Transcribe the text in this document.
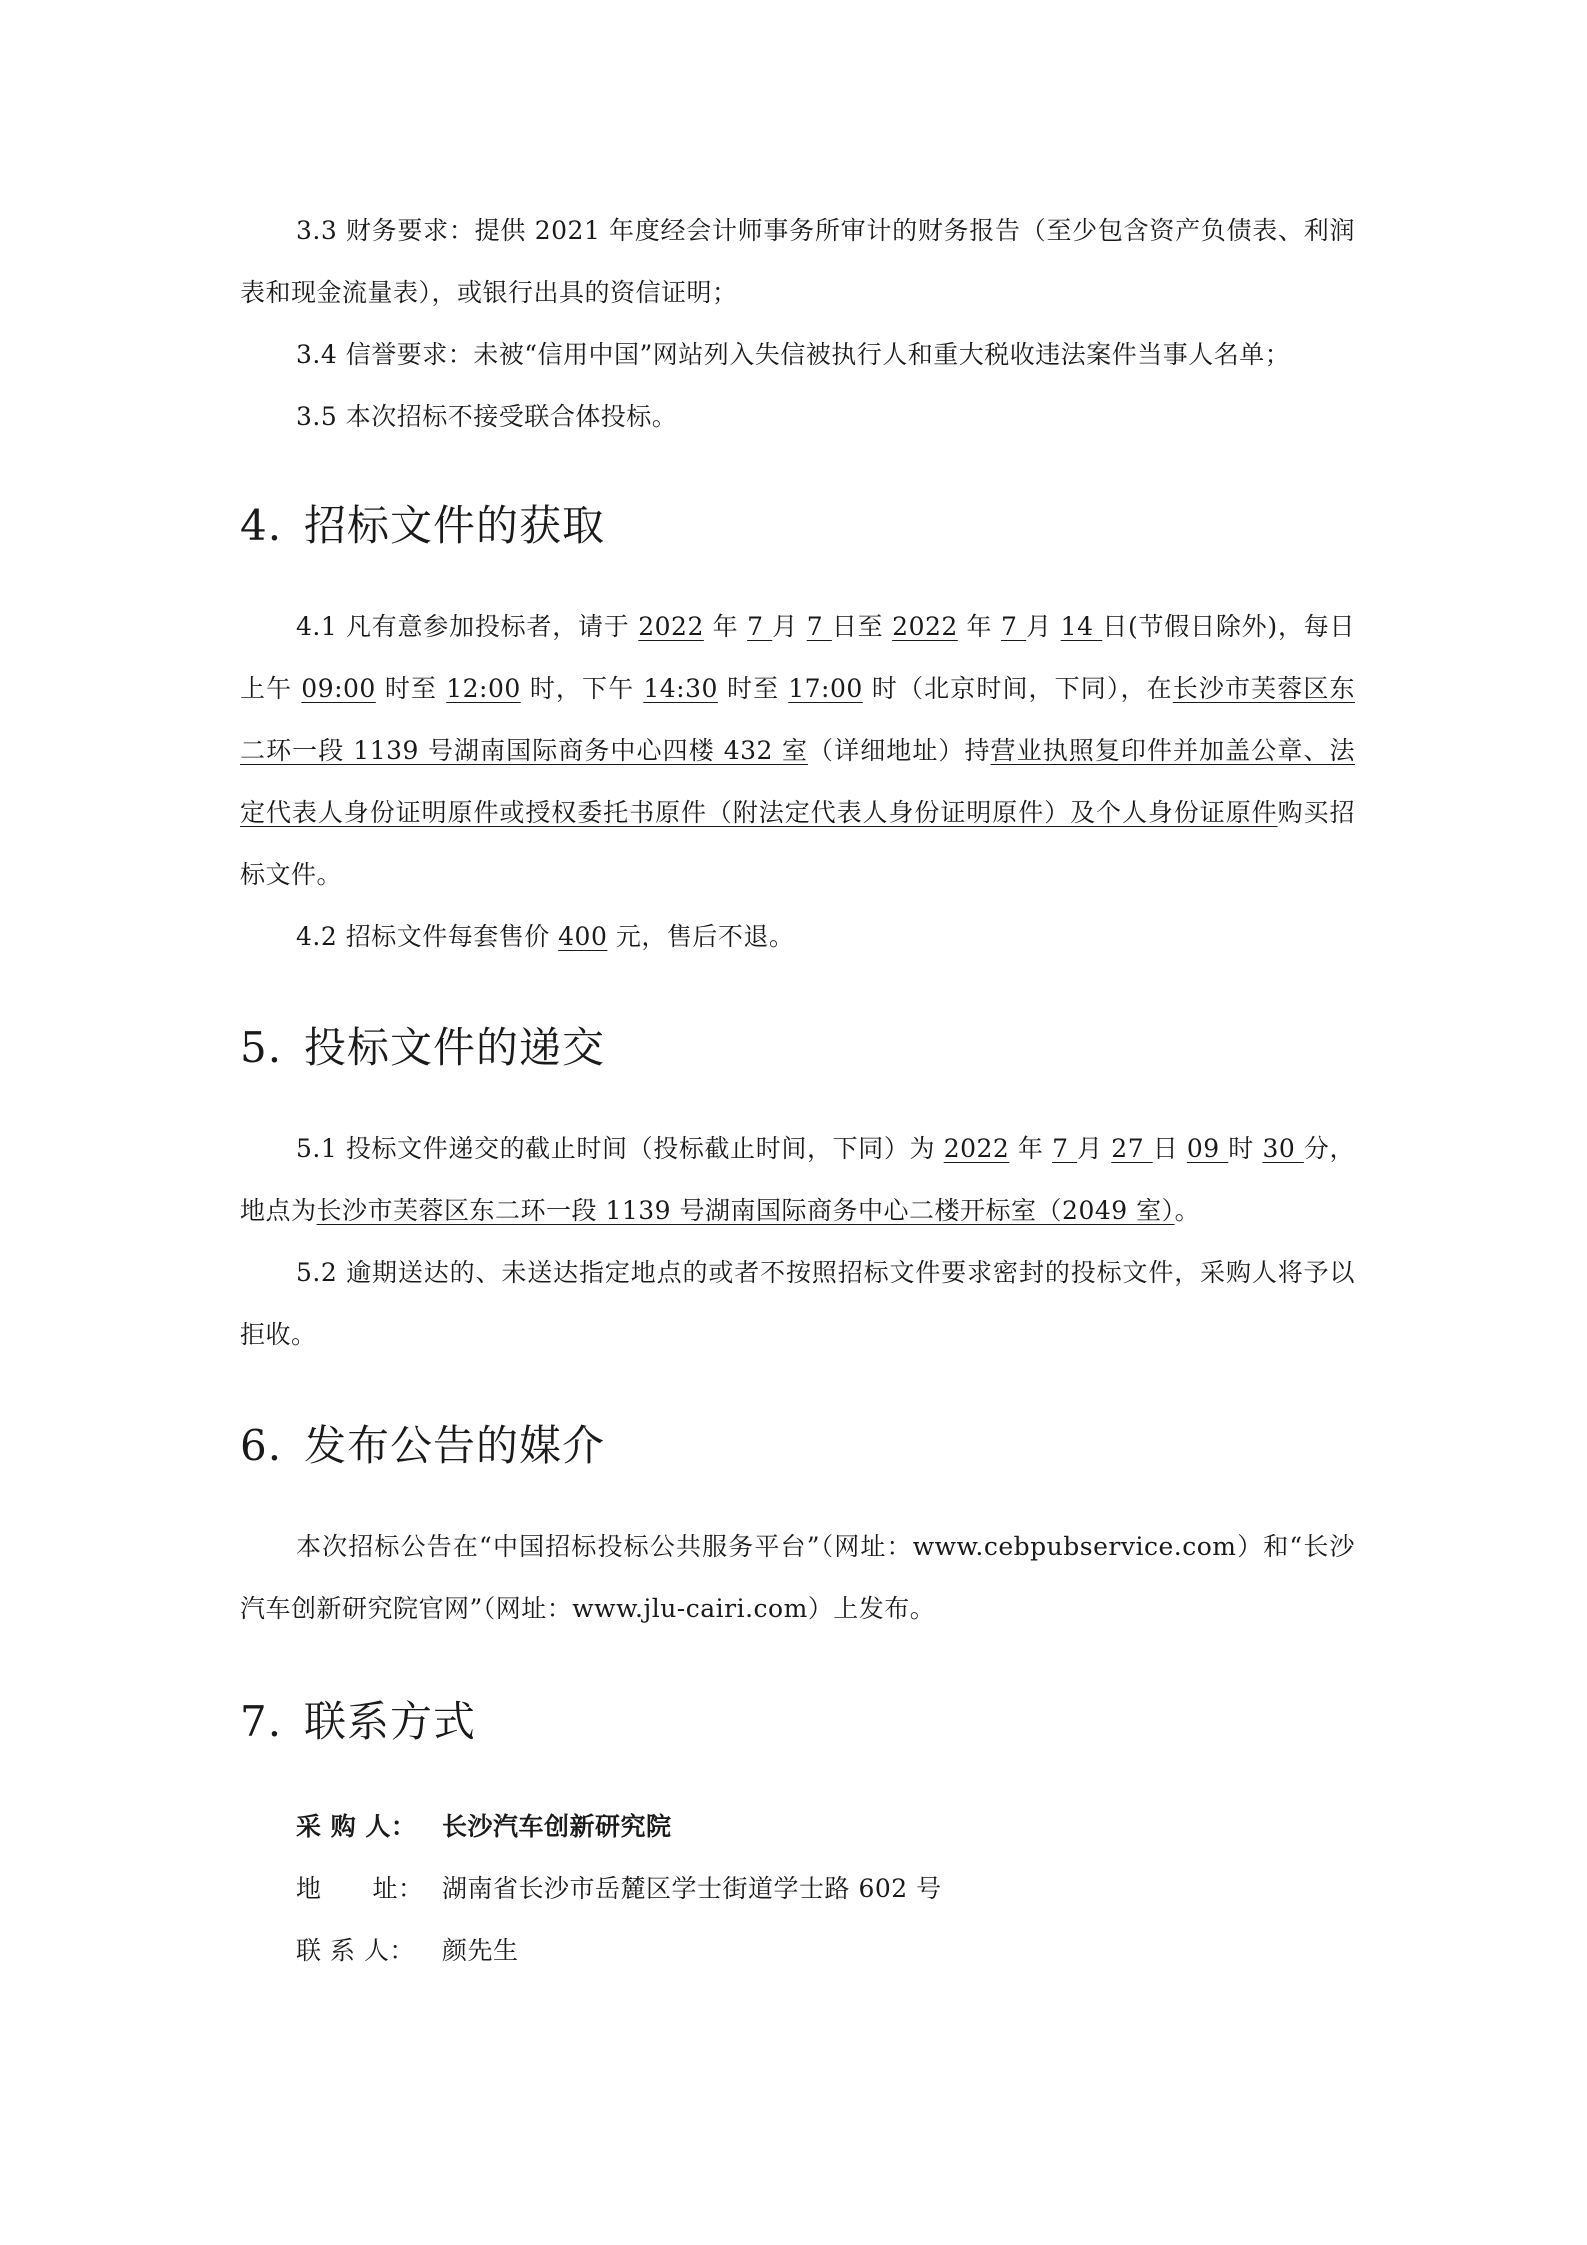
3.3 财务要求：提供 2021 年度经会计师事务所审计的财务报告（至少包含资产负债表、利润表和现金流量表），或银行出具的资信证明；

3.4 信誉要求：未被“信用中国”网站列入失信被执行人和重大税收违法案件当事人名单；

3.5 本次招标不接受联合体投标。

4. 招标文件的获取

4.1 凡有意参加投标者，请于 2022 年 7 月 7 日至 2022 年 7 月 14 日(节假日除外)，每日上午 09:00 时至 12:00 时，下午 14:30 时至 17:00 时（北京时间，下同），在长沙市芙蓉区东二环一段 1139 号湖南国际商务中心四楼 432 室（详细地址）持营业执照复印件并加盖公章、法定代表人身份证明原件或授权委托书原件（附法定代表人身份证明原件）及个人身份证原件购买招标文件。

4.2 招标文件每套售价 400 元，售后不退。

5. 投标文件的递交

5.1 投标文件递交的截止时间（投标截止时间，下同）为 2022 年 7 月 27 日 09 时 30 分，地点为长沙市芙蓉区东二环一段 1139 号湖南国际商务中心二楼开标室（2049 室）。

5.2 逾期送达的、未送达指定地点的或者不按照招标文件要求密封的投标文件，采购人将予以拒收。

6. 发布公告的媒介

本次招标公告在“中国招标投标公共服务平台”（网址：www.cebpubservice.com）和“长沙汽车创新研究院官网”（网址：www.jlu-cairi.com）上发布。

7. 联系方式

采 购 人： 长沙汽车创新研究院

地　　址： 湖南省长沙市岳麓区学士街道学士路 602 号

联 系 人： 颜先生
